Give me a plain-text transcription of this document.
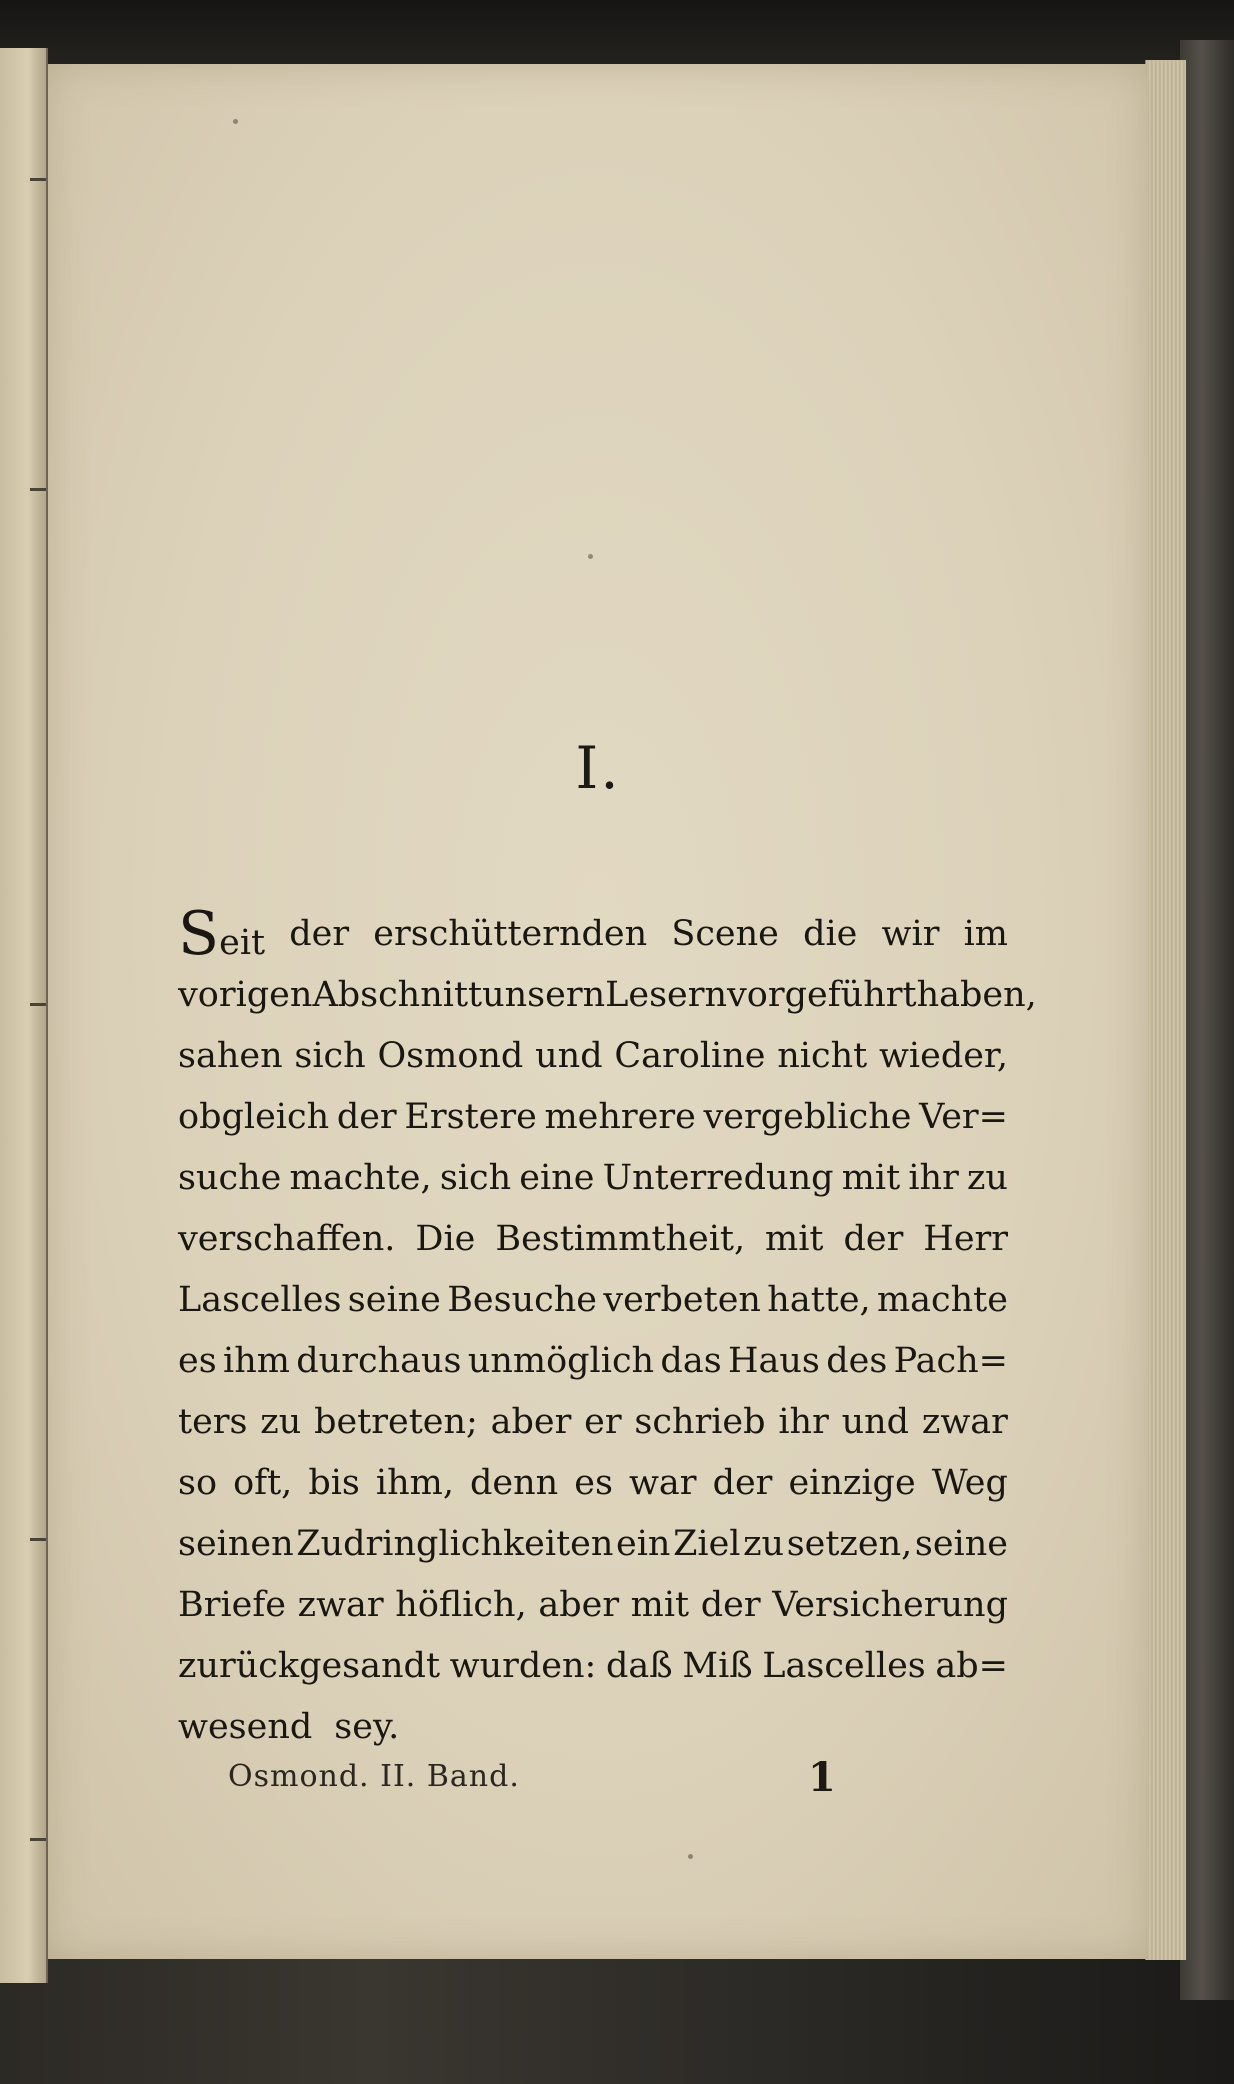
I.
Seit der erschütternden Scene die wir im
vorigen Abschnitt unsern Lesern vorgeführt haben,
sahen sich Osmond und Caroline nicht wieder,
obgleich der Erstere mehrere vergebliche Ver=
suche machte, sich eine Unterredung mit ihr zu
verschaffen. Die Bestimmtheit, mit der Herr
Lascelles seine Besuche verbeten hatte, machte
es ihm durchaus unmöglich das Haus des Pach=
ters zu betreten; aber er schrieb ihr und zwar
so oft, bis ihm, denn es war der einzige Weg
seinen Zudringlichkeiten ein Ziel zu setzen, seine
Briefe zwar höflich, aber mit der Versicherung
zurückgesandt wurden: daß Miß Lascelles ab=
wesend sey.
Osmond. II. Band.	1
